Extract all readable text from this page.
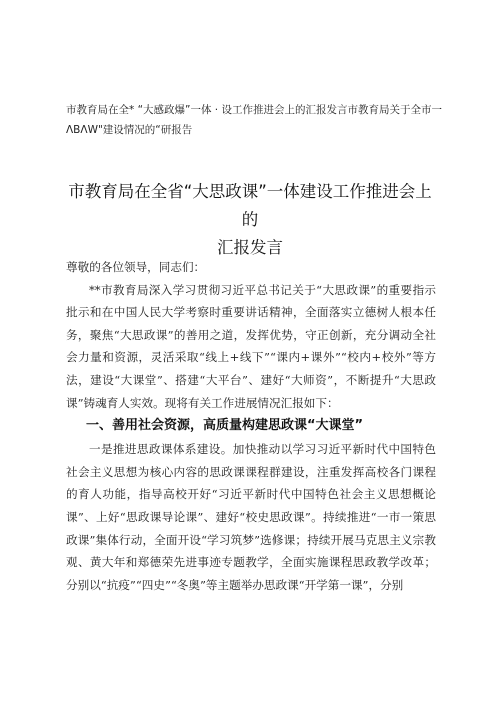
市教育局在全* “大感政爆”一体 · 设工作推进会上的汇报发言市教育局关于全市一
ΛBΛW"建设情况的“研报告
市教育局在全省“大思政课”一体建设工作推进会上的
汇报发言

尊敬的各位领导，同志们：

**市教育局深入学习贯彻习近平总书记关于“大思政课”的重要指示批示和在中国人民大学考察时重要讲话精神，全面落实立德树人根本任务，聚焦“大思政课”的善用之道，发挥优势，守正创新，充分调动全社会力量和资源，灵活采取“线上+线下”“课内+课外”“校内+校外”等方法，建设“大课堂”、搭建“大平台”、建好“大师资”，不断提升“大思政课”铸魂育人实效。现将有关工作进展情况汇报如下：

一、善用社会资源，高质量构建思政课“大课堂”

一是推进思政课体系建设。加快推动以学习习近平新时代中国特色社会主义思想为核心内容的思政课课程群建设，注重发挥高校各门课程的育人功能，指导高校开好“习近平新时代中国特色社会主义思想概论课”、上好“思政课导论课”、建好“校史思政课”。持续推进“一市一策思政课”集体行动，全面开设“学习筑梦”选修课；持续开展马克思主义宗教观、黄大年和郑德荣先进事迹专题教学，全面实施课程思政教学改革；分别以“抗疫”“四史”“冬奥”等主题举办思政课“开学第一课”，分别
